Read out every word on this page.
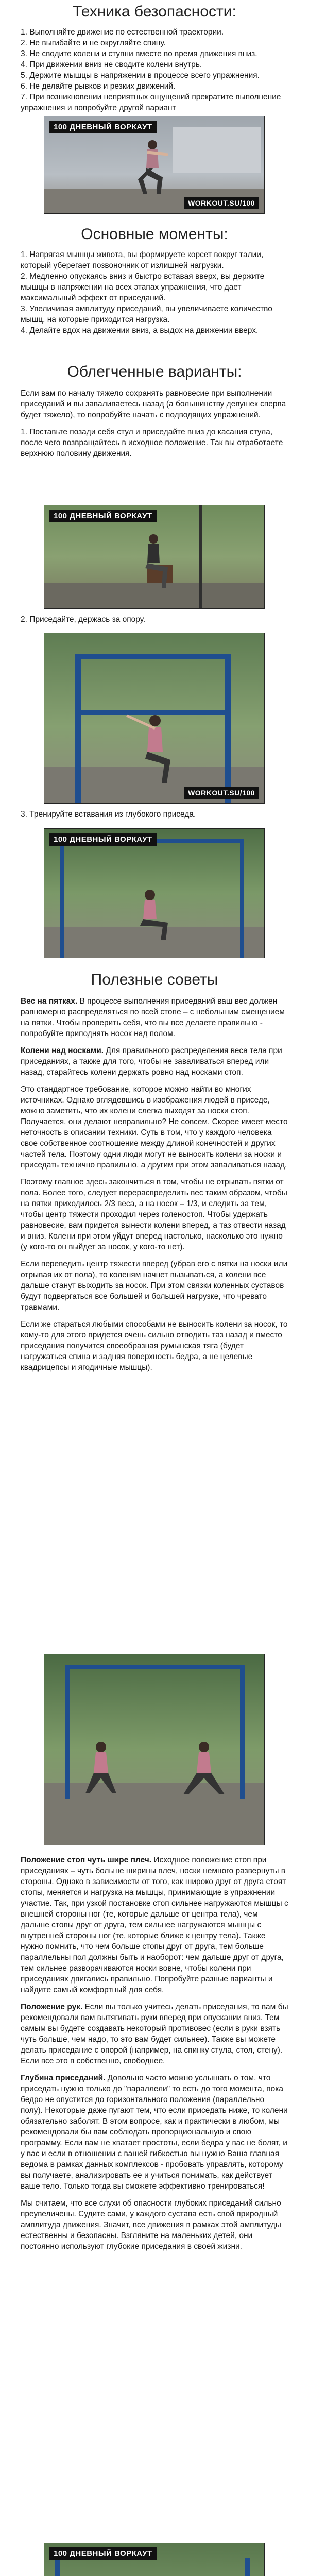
Техника безопасности:
1. Выполняйте движение по естественной траектории.
2. Не выгибайте и не округляйте спину.
3. Не сводите колени и ступни вместе во время движения вниз.
4. При движении вниз не сводите колени внутрь.
5. Держите мышцы в напряжении в процессе всего упражнения.
6. Не делайте рывков и резких движений.
7. При возникновении неприятных ощущений прекратите выполнение упражнения и попробуйте другой вариант
100 ДНЕВНЫЙ ВОРКАУТ
WORKOUT.SU/100
Основные моменты:
1. Напрягая мышцы живота, вы формируете корсет вокруг талии, который уберегает позвоночник от излишней нагрузки.
2. Медленно опускаясь вниз и быстро вставая вверх, вы держите мышцы в напряжении на всех этапах упражнения, что дает максимальный эффект от приседаний.
3. Увеличивая амплитуду приседаний, вы увеличиваете количество мышц, на которые приходится нагрузка.
4. Делайте вдох на движении вниз, а выдох на движении вверх.
Облегченные варианты:

Если вам по началу тяжело сохранять равновесие при выполнении приседаний и вы заваливаетесь назад (а большинству девушек сперва будет тяжело), то попробуйте начать с подводящих упражнений.

1. Поставьте позади себя стул и приседайте вниз до касания стула, после чего возвращайтесь в исходное положение. Так вы отработаете верхнюю половину движения.

100 ДНЕВНЫЙ ВОРКАУТ

2. Приседайте, держась за опору.

WORKOUT.SU/100

3. Тренируйте вставания из глубокого приседа.

100 ДНЕВНЫЙ ВОРКАУТ
Полезные советы

Вес на пятках. В процессе выполнения приседаний ваш вес должен равномерно распределяться по всей стопе – с небольшим смещением на пятки. Чтобы проверить себя, что вы все делаете правильно - попробуйте приподнять носок над полом.

Колени над носками. Для правильного распределения веса тела при приседаниях, а также для того, чтобы не заваливаться вперед или назад, старайтесь колени держать ровно над носками стоп.

Это стандартное требование, которое можно найти во многих источниках. Однако вглядевшись в изображения людей в приседе, можно заметить, что их колени слегка выходят за носки стоп. Получается, они делают неправильно? Не совсем. Скорее имеет место неточность в описании техники. Суть в том, что у каждого человека свое собственное соотношение между длиной конечностей и других частей тела. Поэтому одни люди могут не выносить колени за носки и приседать технично правильно, а другим при этом заваливаться назад.

Поэтому главное здесь закончиться в том, чтобы не отрывать пятки от пола. Более того, следует перераспределить вес таким образом, чтобы на пятки приходилось 2/3 веса, а на носок – 1/3, и следить за тем, чтобы центр тяжести проходил через голеностоп. Чтобы удержать равновесие, вам придется вынести колени вперед, а таз отвести назад и вниз. Колени при этом уйдут вперед настолько, насколько это нужно (у кого-то он выйдет за носок, у кого-то нет).

Если переведить центр тяжести вперед (убрав его с пятки на носки или отрывая их от пола), то коленям начнет вызываться, а колени все дальше станут выходить за носок. При этом связки коленных суставов будут подвергаться все большей и большей нагрузке, что чревато травмами.

Если же стараться любыми способами не выносить колени за носок, то кому-то для этого придется очень сильно отводить таз назад и вместо приседания получится своеобразная румынская тяга (будет нагружаться спина и задняя поверхность бедра, а не целевые квадрицепсы и ягодичные мышцы).

Положение стоп чуть шире плеч. Исходное положение стоп при приседаниях – чуть больше ширины плеч, носки немного развернуты в стороны. Однако в зависимости от того, как широко друг от друга стоят стопы, меняется и нагрузка на мышцы, принимающие в упражнении участие. Так, при узкой постановке стоп сильнее нагружаются мышцы с внешней стороны ног (те, которые дальше от центра тела), чем дальше стопы друг от друга, тем сильнее нагружаются мышцы с внутренней стороны ног (те, которые ближе к центру тела). Также нужно помнить, что чем больше стопы друг от друга, тем больше параллельны пол должны быть и наоборот: чем дальше друг от друга, тем сильнее разворачиваются носки вовне, чтобы колени при приседаниях двигались правильно. Попробуйте разные варианты и найдите самый комфортный для себя.

Положение рук. Если вы только учитесь делать приседания, то вам бы рекомендовали вам вытягивать руки вперед при опускании вниз. Тем самым вы будете создавать некоторый противовес (если в руки взять чуть больше, чем надо, то это вам будет сильнее). Также вы можете делать приседание с опорой (например, на спинку стула, стол, стену). Если все это в собственно, свободнее.

Глубина приседаний. Довольно часто можно услышать о том, что приседать нужно только до "параллели" то есть до того момента, пока бедро не опустится до горизонтального положения (параллельно полу). Некоторые даже пугают тем, что если приседать ниже, то колени обязательно заболят. В этом вопросе, как и практически в любом, мы рекомендовали бы вам соблюдать пропорциональную и свою программу. Если вам не хватает простоты, если бедра у вас не болят, и у вас и если в отношении с вашей гибкостью вы нужно Ваша главная ведома в рамках данных комплексов - пробовать управлять, которому вы получаете, анализировать ее и учиться понимать, как действует ваше тело. Только тогда вы сможете эффективно тренироваться!

Мы считаем, что все слухи об опасности глубоких приседаний сильно преувеличены. Судите сами, у каждого сустава есть свой природный амплитуда движения. Значит, все движения в рамках этой амплитуды естественны и безопасны. Взгляните на маленьких детей, они постоянно используют глубокие приседания в своей жизни.

100 ДНЕВНЫЙ ВОРКАУТ
